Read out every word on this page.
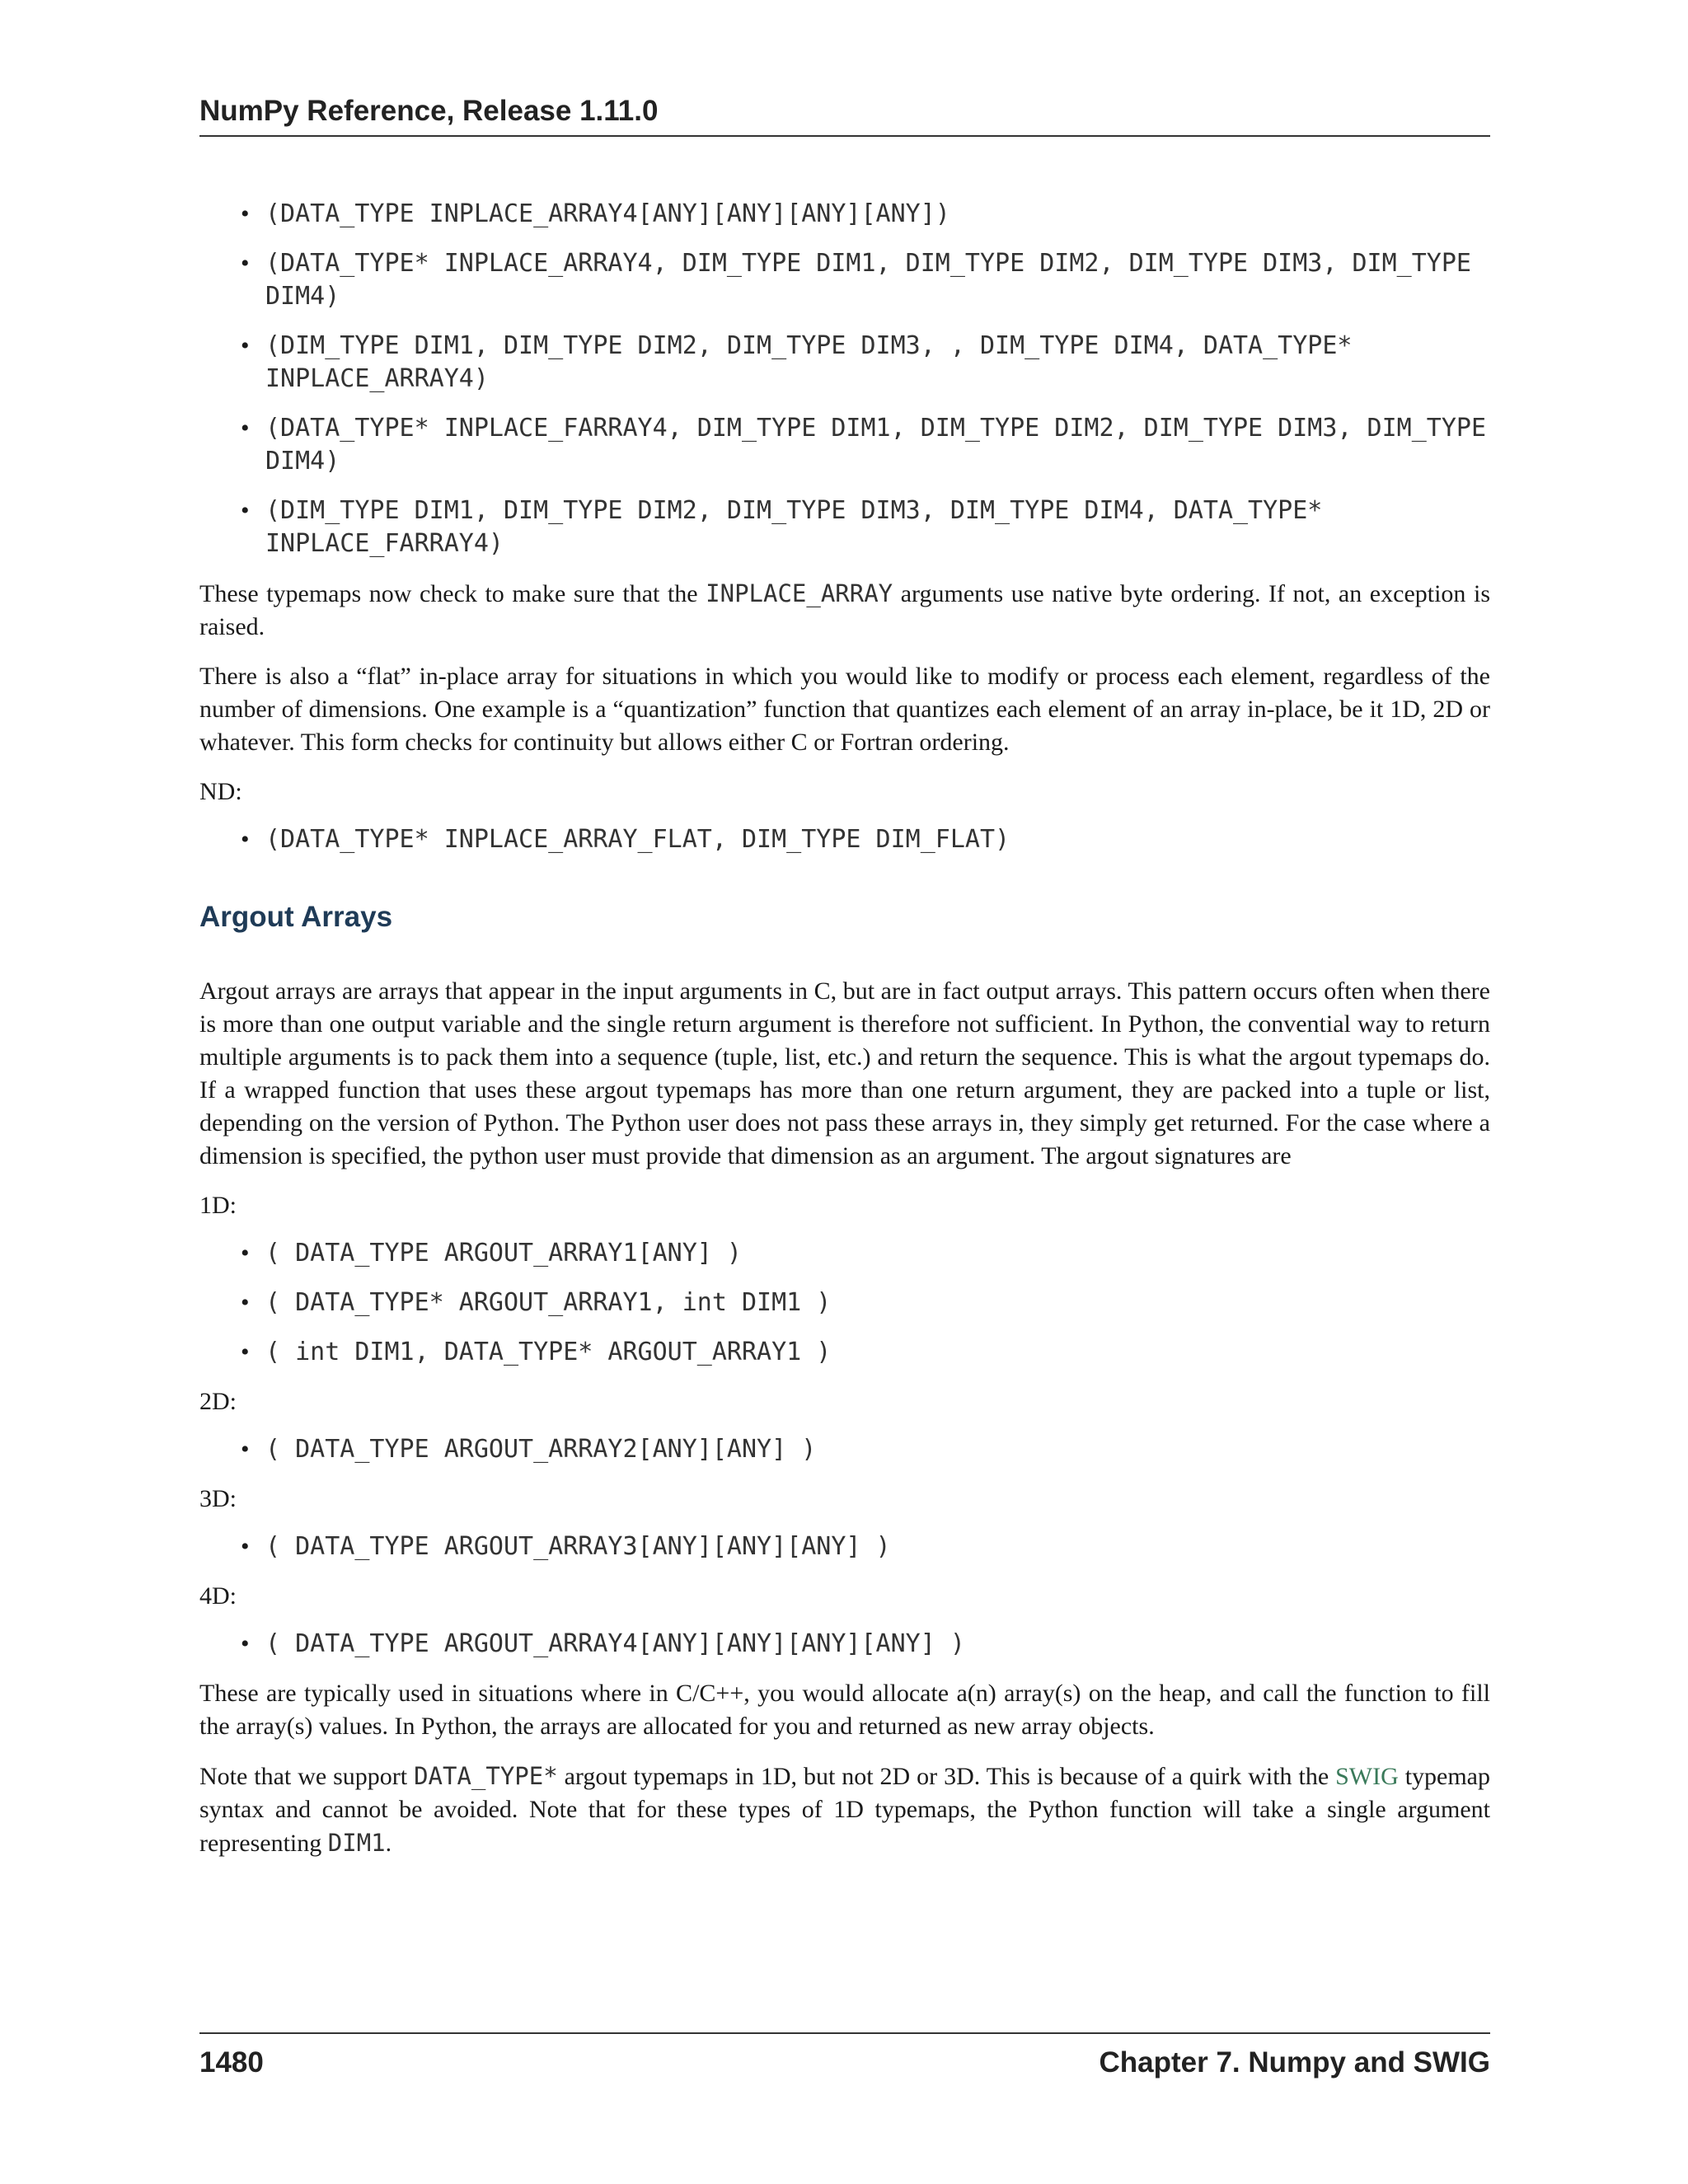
NumPy Reference, Release 1.11.0
• (DATA_TYPE INPLACE_ARRAY4[ANY][ANY][ANY][ANY])
• (DATA_TYPE* INPLACE_ARRAY4, DIM_TYPE DIM1, DIM_TYPE DIM2, DIM_TYPE DIM3, DIM_TYPE DIM4)
• (DIM_TYPE DIM1, DIM_TYPE DIM2, DIM_TYPE DIM3, , DIM_TYPE DIM4, DATA_TYPE* INPLACE_ARRAY4)
• (DATA_TYPE* INPLACE_FARRAY4, DIM_TYPE DIM1, DIM_TYPE DIM2, DIM_TYPE DIM3, DIM_TYPE DIM4)
• (DIM_TYPE DIM1, DIM_TYPE DIM2, DIM_TYPE DIM3, DIM_TYPE DIM4, DATA_TYPE* INPLACE_FARRAY4)

These typemaps now check to make sure that the INPLACE_ARRAY arguments use native byte ordering. If not, an exception is raised.

There is also a “flat” in-place array for situations in which you would like to modify or process each element, regardless of the number of dimensions. One example is a “quantization” function that quantizes each element of an array in-place, be it 1D, 2D or whatever. This form checks for continuity but allows either C or Fortran ordering.

ND:

• (DATA_TYPE* INPLACE_ARRAY_FLAT, DIM_TYPE DIM_FLAT)
Argout Arrays

Argout arrays are arrays that appear in the input arguments in C, but are in fact output arrays. This pattern occurs often when there is more than one output variable and the single return argument is therefore not sufficient. In Python, the convential way to return multiple arguments is to pack them into a sequence (tuple, list, etc.) and return the sequence. This is what the argout typemaps do. If a wrapped function that uses these argout typemaps has more than one return argument, they are packed into a tuple or list, depending on the version of Python. The Python user does not pass these arrays in, they simply get returned. For the case where a dimension is specified, the python user must provide that dimension as an argument. The argout signatures are

1D:

• ( DATA_TYPE ARGOUT_ARRAY1[ANY] )
• ( DATA_TYPE* ARGOUT_ARRAY1, int DIM1 )
• ( int DIM1, DATA_TYPE* ARGOUT_ARRAY1 )

2D:

• ( DATA_TYPE ARGOUT_ARRAY2[ANY][ANY] )

3D:

• ( DATA_TYPE ARGOUT_ARRAY3[ANY][ANY][ANY] )

4D:

• ( DATA_TYPE ARGOUT_ARRAY4[ANY][ANY][ANY][ANY] )

These are typically used in situations where in C/C++, you would allocate a(n) array(s) on the heap, and call the function to fill the array(s) values. In Python, the arrays are allocated for you and returned as new array objects.

Note that we support DATA_TYPE* argout typemaps in 1D, but not 2D or 3D. This is because of a quirk with the SWIG typemap syntax and cannot be avoided. Note that for these types of 1D typemaps, the Python function will take a single argument representing DIM1.

1480	Chapter 7. Numpy and SWIG
